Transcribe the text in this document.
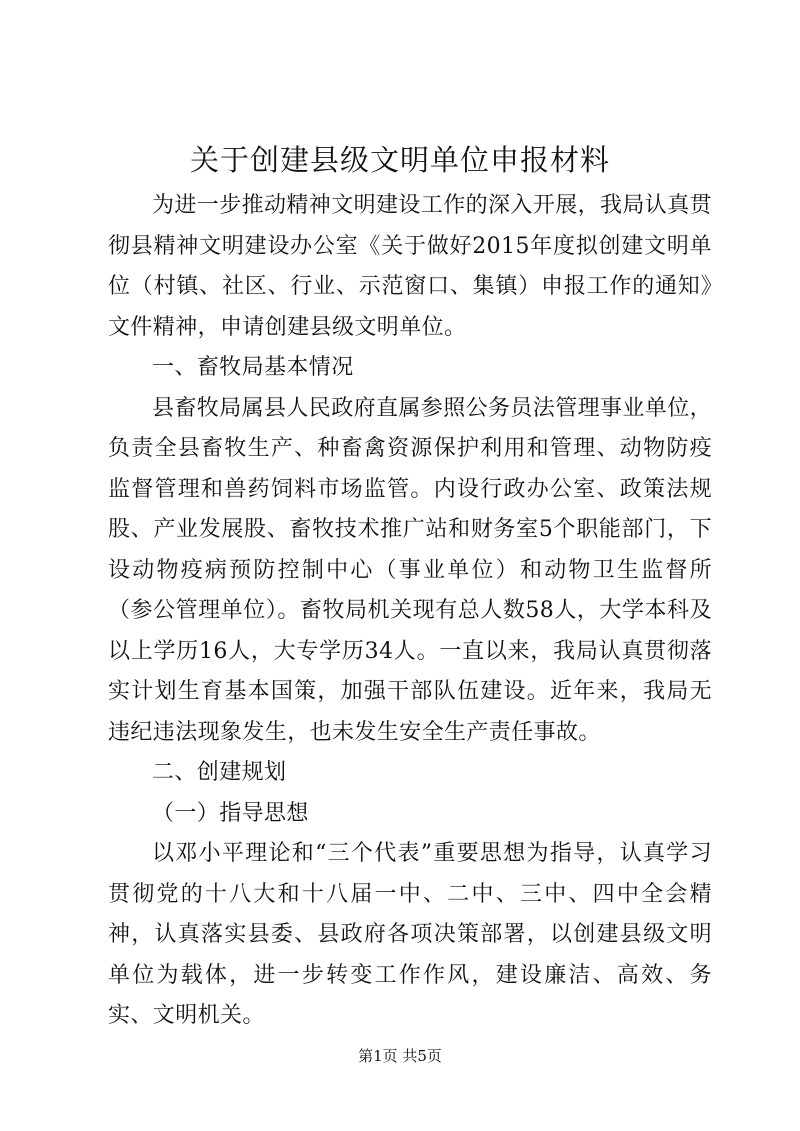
关于创建县级文明单位申报材料

为进一步推动精神文明建设工作的深入开展，我局认真贯彻县精神文明建设办公室《关于做好2015年度拟创建文明单位（村镇、社区、行业、示范窗口、集镇）申报工作的通知》文件精神，申请创建县级文明单位。

一、畜牧局基本情况

县畜牧局属县人民政府直属参照公务员法管理事业单位，负责全县畜牧生产、种畜禽资源保护利用和管理、动物防疫监督管理和兽药饲料市场监管。内设行政办公室、政策法规股、产业发展股、畜牧技术推广站和财务室5个职能部门，下设动物疫病预防控制中心（事业单位）和动物卫生监督所（参公管理单位）。畜牧局机关现有总人数58人，大学本科及以上学历16人，大专学历34人。一直以来，我局认真贯彻落实计划生育基本国策，加强干部队伍建设。近年来，我局无违纪违法现象发生，也未发生安全生产责任事故。

二、创建规划

（一）指导思想

以邓小平理论和“三个代表”重要思想为指导，认真学习贯彻党的十八大和十八届一中、二中、三中、四中全会精神，认真落实县委、县政府各项决策部署，以创建县级文明单位为载体，进一步转变工作作风，建设廉洁、高效、务实、文明机关。

第1页 共5页
